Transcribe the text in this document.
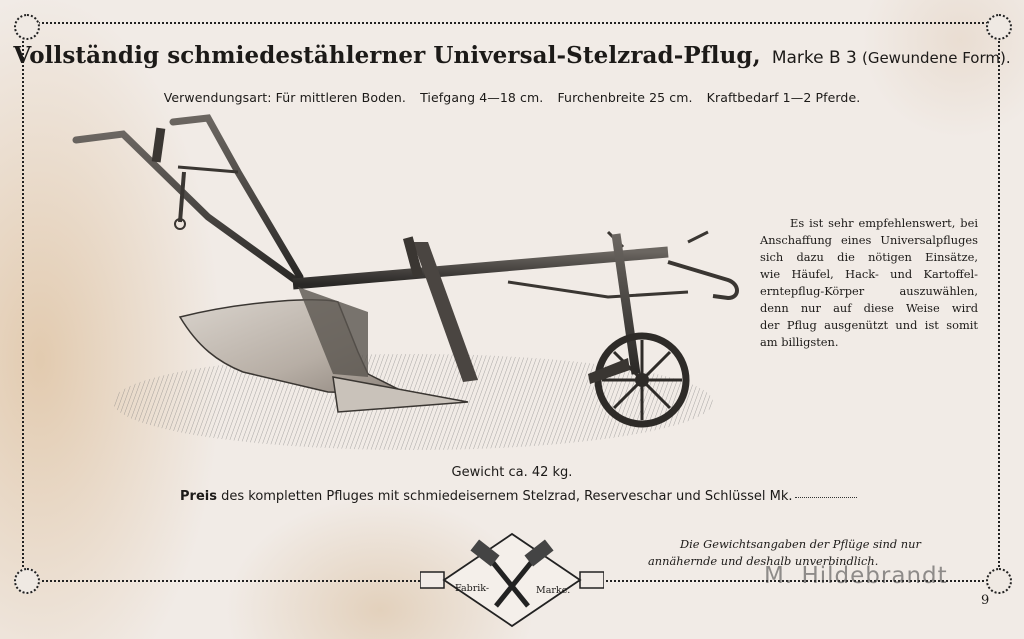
Vollständig schmiedestählerner Universal-Stelzrad-Pflug, Marke B 3 (Gewundene Form).
Verwendungsart: Für mittleren Boden. Tiefgang 4—18 cm. Furchenbreite 25 cm. Kraftbedarf 1—2 Pferde.
Es ist sehr empfehlenswert, bei
Anschaffung eines Universalpfluges
sich dazu die nötigen Einsätze,
wie Häufel, Hack- und Kartoffel-
erntepflug-Körper auszuwählen,
denn nur auf diese Weise wird
der Pflug ausgenützt und ist somit
am billigsten.
Gewicht ca. 42 kg.
Preis des kompletten Pfluges mit schmiedeisernem Stelzrad, Reserveschar und Schlüssel Mk.
Die Gewichtsangaben der Pflüge sind nur
annähernde und deshalb unverbindlich.
Fabrik-	Marke.
M. Hildebrandt
9
